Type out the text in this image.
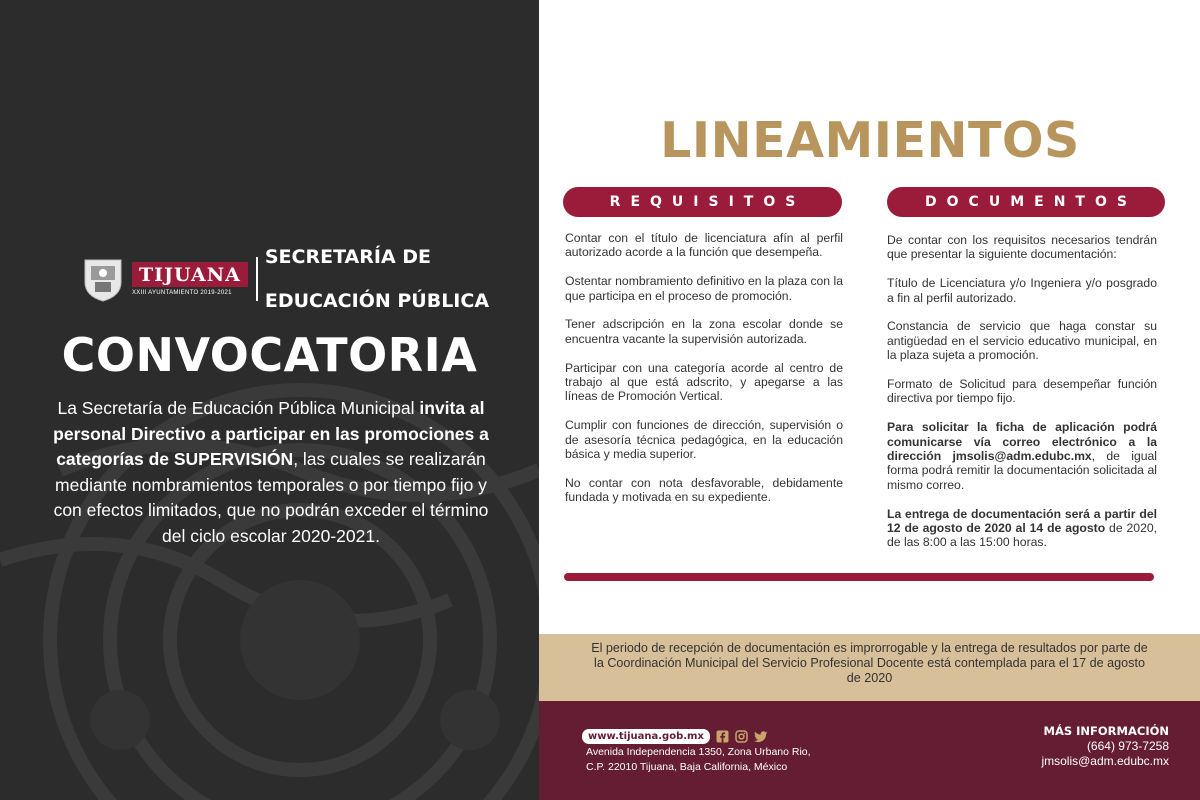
TIJUANA
XXIII AYUNTAMIENTO 2019-2021

SECRETARÍA DE

EDUCACIÓN PÚBLICA

CONVOCATORIA

La Secretaría de Educación Pública Municipal invita al personal Directivo a participar en las promociones a categorías de SUPERVISIÓN, las cuales se realizarán mediante nombramientos temporales o por tiempo fijo y con efectos limitados, que no podrán exceder el término del ciclo escolar 2020-2021.

LINEAMIENTOS
REQUISITOS	DOCUMENTOS

Contar con el título de licenciatura afín al perfil autorizado acorde a la función que desempeña.

Ostentar nombramiento definitivo en la plaza con la que participa en el proceso de promoción.

Tener adscripción en la zona escolar donde se encuentra vacante la supervisión autorizada.

Participar con una categoría acorde al centro de trabajo al que está adscrito, y apegarse a las líneas de Promoción Vertical.

Cumplir con funciones de dirección, supervisión o de asesoría técnica pedagógica, en la educación básica y media superior.

No contar con nota desfavorable, debidamente fundada y motivada en su expediente.

De contar con los requisitos necesarios tendrán que presentar la siguiente documentación:

Título de Licenciatura y/o Ingeniera y/o posgrado a fin al perfil autorizado.

Constancia de servicio que haga constar su antigüedad en el servicio educativo municipal, en la plaza sujeta a promoción.

Formato de Solicitud para desempeñar función directiva por tiempo fijo.

Para solicitar la ficha de aplicación podrá comunicarse vía correo electrónico a la dirección jmsolis@adm.edubc.mx, de igual forma podrá remitir la documentación solicitada al mismo correo.

La entrega de documentación será a partir del 12 de agosto de 2020 al 14 de agosto de 2020, de las 8:00 a las 15:00 horas.

El periodo de recepción de documentación es improrrogable y la entrega de resultados por parte de la Coordinación Municipal del Servicio Profesional Docente está contemplada para el 17 de agosto de 2020
www.tijuana.gob.mx
Avenida Independencia 1350, Zona Urbano Rio,
C.P. 22010 Tijuana, Baja California, México
MÁS INFORMACIÓN
(664) 973-7258
jmsolis@adm.edubc.mx
